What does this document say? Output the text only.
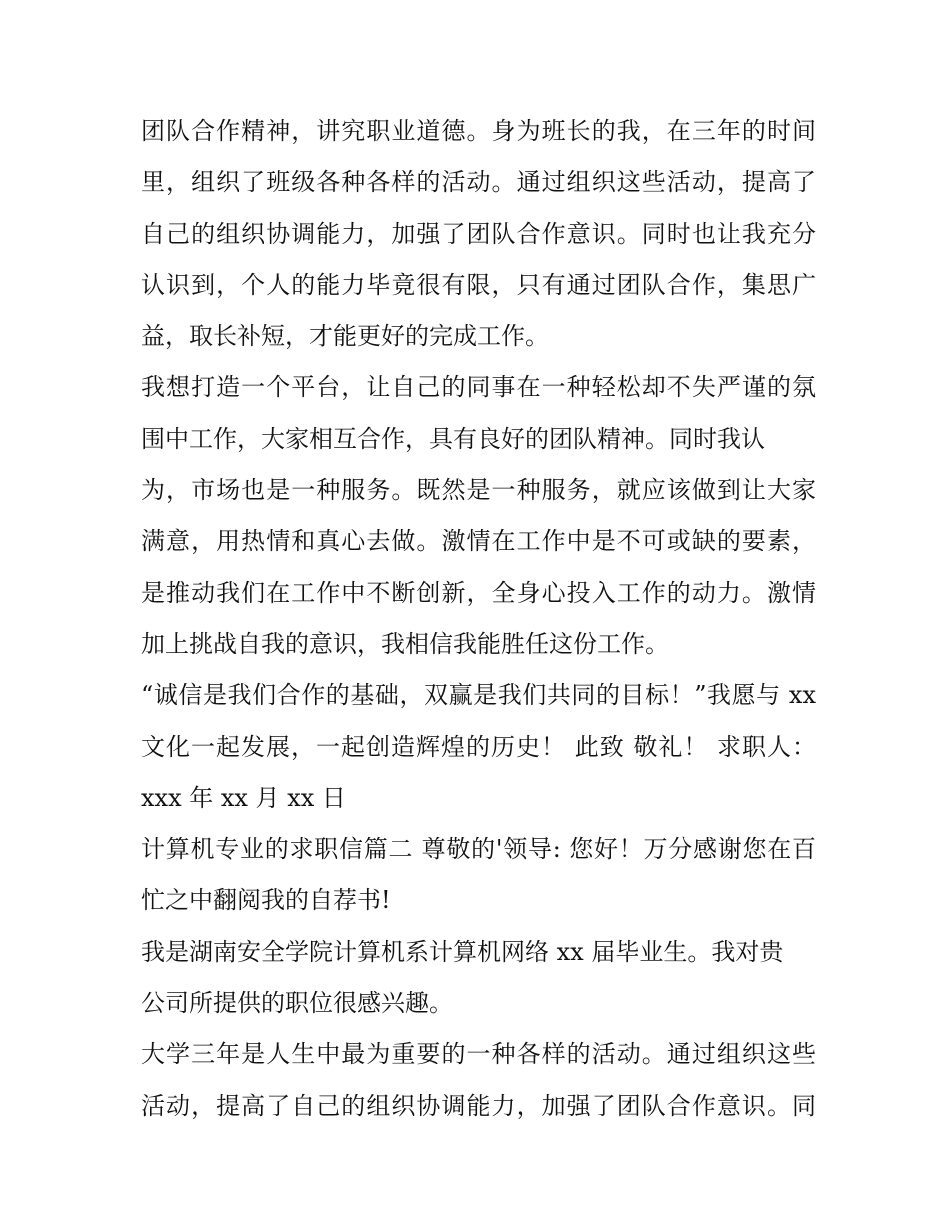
团队合作精神，讲究职业道德。身为班长的我，在三年的时间
里，组织了班级各种各样的活动。通过组织这些活动，提高了
自己的组织协调能力，加强了团队合作意识。同时也让我充分
认识到，个人的能力毕竟很有限，只有通过团队合作，集思广
益，取长补短，才能更好的完成工作。
我想打造一个平台，让自己的同事在一种轻松却不失严谨的氛
围中工作，大家相互合作，具有良好的团队精神。同时我认
为，市场也是一种服务。既然是一种服务，就应该做到让大家
满意，用热情和真心去做。激情在工作中是不可或缺的要素，
是推动我们在工作中不断创新，全身心投入工作的动力。激情
加上挑战自我的意识，我相信我能胜任这份工作。
“诚信是我们合作的基础，双赢是我们共同的目标！”我愿与 xx
文化一起发展，一起创造辉煌的历史！ 此致 敬礼！ 求职人：
xxx 年 xx 月 xx 日
计算机专业的求职信篇二 尊敬的'领导: 您好！万分感谢您在百
忙之中翻阅我的自荐书!
我是湖南安全学院计算机系计算机网络 xx 届毕业生。我对贵
公司所提供的职位很感兴趣。
大学三年是人生中最为重要的一种各样的活动。通过组织这些
活动，提高了自己的组织协调能力，加强了团队合作意识。同
